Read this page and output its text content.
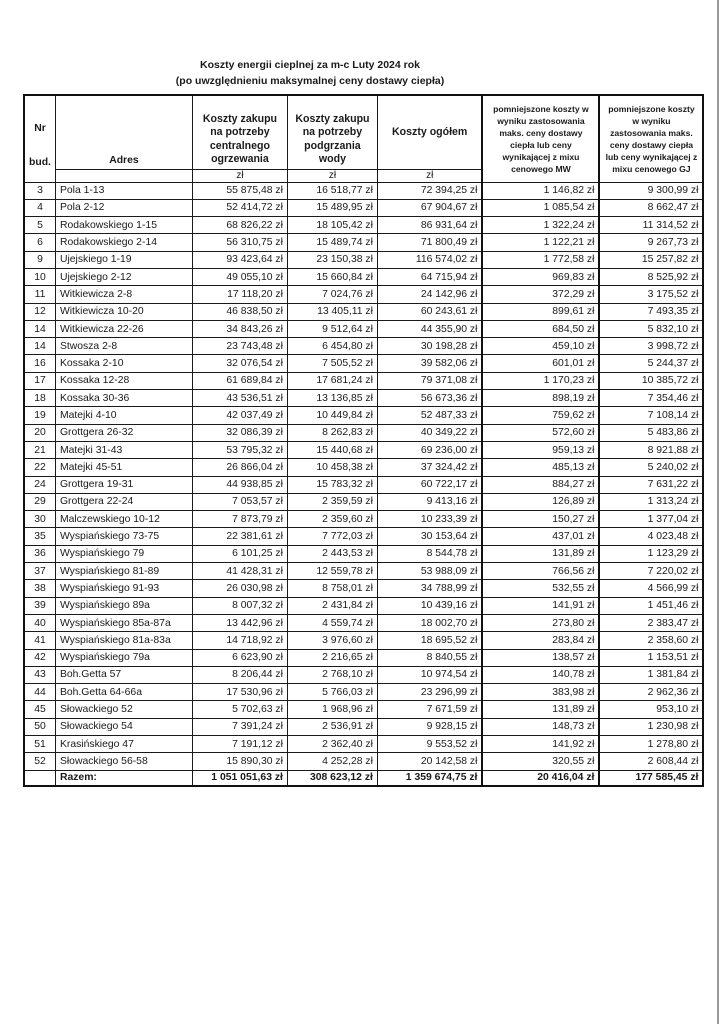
Koszty energii cieplnej za m-c Luty 2024 rok
(po uwzględnieniu maksymalnej ceny dostawy ciepła)
Nr
bud.	Adres	Koszty zakupu na potrzeby centralnego ogrzewania	Koszty zakupu na potrzeby podgrzania wody	Koszty ogółem	pomniejszone koszty w wyniku zastosowania maks. ceny dostawy ciepła lub ceny wynikającej z mixu cenowego MW	pomniejszone koszty w wyniku zastosowania maks. ceny dostawy ciepła lub ceny wynikającej z mixu cenowego GJ
		zł	zł	zł		
3	Pola 1-13	55 875,48 zł	16 518,77 zł	72 394,25 zł	1 146,82 zł	9 300,99 zł
4	Pola 2-12	52 414,72 zł	15 489,95 zł	67 904,67 zł	1 085,54 zł	8 662,47 zł
5	Rodakowskiego 1-15	68 826,22 zł	18 105,42 zł	86 931,64 zł	1 322,24 zł	11 314,52 zł
6	Rodakowskiego 2-14	56 310,75 zł	15 489,74 zł	71 800,49 zł	1 122,21 zł	9 267,73 zł
9	Ujejskiego 1-19	93 423,64 zł	23 150,38 zł	116 574,02 zł	1 772,58 zł	15 257,82 zł
10	Ujejskiego 2-12	49 055,10 zł	15 660,84 zł	64 715,94 zł	969,83 zł	8 525,92 zł
11	Witkiewicza 2-8	17 118,20 zł	7 024,76 zł	24 142,96 zł	372,29 zł	3 175,52 zł
12	Witkiewicza 10-20	46 838,50 zł	13 405,11 zł	60 243,61 zł	899,61 zł	7 493,35 zł
14	Witkiewicza 22-26	34 843,26 zł	9 512,64 zł	44 355,90 zł	684,50 zł	5 832,10 zł
14	Stwosza 2-8	23 743,48 zł	6 454,80 zł	30 198,28 zł	459,10 zł	3 998,72 zł
16	Kossaka 2-10	32 076,54 zł	7 505,52 zł	39 582,06 zł	601,01 zł	5 244,37 zł
17	Kossaka 12-28	61 689,84 zł	17 681,24 zł	79 371,08 zł	1 170,23 zł	10 385,72 zł
18	Kossaka 30-36	43 536,51 zł	13 136,85 zł	56 673,36 zł	898,19 zł	7 354,46 zł
19	Matejki 4-10	42 037,49 zł	10 449,84 zł	52 487,33 zł	759,62 zł	7 108,14 zł
20	Grottgera 26-32	32 086,39 zł	8 262,83 zł	40 349,22 zł	572,60 zł	5 483,86 zł
21	Matejki 31-43	53 795,32 zł	15 440,68 zł	69 236,00 zł	959,13 zł	8 921,88 zł
22	Matejki 45-51	26 866,04 zł	10 458,38 zł	37 324,42 zł	485,13 zł	5 240,02 zł
24	Grottgera 19-31	44 938,85 zł	15 783,32 zł	60 722,17 zł	884,27 zł	7 631,22 zł
29	Grottgera 22-24	7 053,57 zł	2 359,59 zł	9 413,16 zł	126,89 zł	1 313,24 zł
30	Malczewskiego 10-12	7 873,79 zł	2 359,60 zł	10 233,39 zł	150,27 zł	1 377,04 zł
35	Wyspiańskiego 73-75	22 381,61 zł	7 772,03 zł	30 153,64 zł	437,01 zł	4 023,48 zł
36	Wyspiańskiego 79	6 101,25 zł	2 443,53 zł	8 544,78 zł	131,89 zł	1 123,29 zł
37	Wyspiańskiego 81-89	41 428,31 zł	12 559,78 zł	53 988,09 zł	766,56 zł	7 220,02 zł
38	Wyspiańskiego 91-93	26 030,98 zł	8 758,01 zł	34 788,99 zł	532,55 zł	4 566,99 zł
39	Wyspiańskiego 89a	8 007,32 zł	2 431,84 zł	10 439,16 zł	141,91 zł	1 451,46 zł
40	Wyspiańskiego 85a-87a	13 442,96 zł	4 559,74 zł	18 002,70 zł	273,80 zł	2 383,47 zł
41	Wyspiańskiego 81a-83a	14 718,92 zł	3 976,60 zł	18 695,52 zł	283,84 zł	2 358,60 zł
42	Wyspiańskiego 79a	6 623,90 zł	2 216,65 zł	8 840,55 zł	138,57 zł	1 153,51 zł
43	Boh.Getta 57	8 206,44 zł	2 768,10 zł	10 974,54 zł	140,78 zł	1 381,84 zł
44	Boh.Getta 64-66a	17 530,96 zł	5 766,03 zł	23 296,99 zł	383,98 zł	2 962,36 zł
45	Słowackiego 52	5 702,63 zł	1 968,96 zł	7 671,59 zł	131,89 zł	953,10 zł
50	Słowackiego 54	7 391,24 zł	2 536,91 zł	9 928,15 zł	148,73 zł	1 230,98 zł
51	Krasińskiego 47	7 191,12 zł	2 362,40 zł	9 553,52 zł	141,92 zł	1 278,80 zł
52	Słowackiego 56-58	15 890,30 zł	4 252,28 zł	20 142,58 zł	320,55 zł	2 608,44 zł
	Razem:	1 051 051,63 zł	308 623,12 zł	1 359 674,75 zł	20 416,04 zł	177 585,45 zł
